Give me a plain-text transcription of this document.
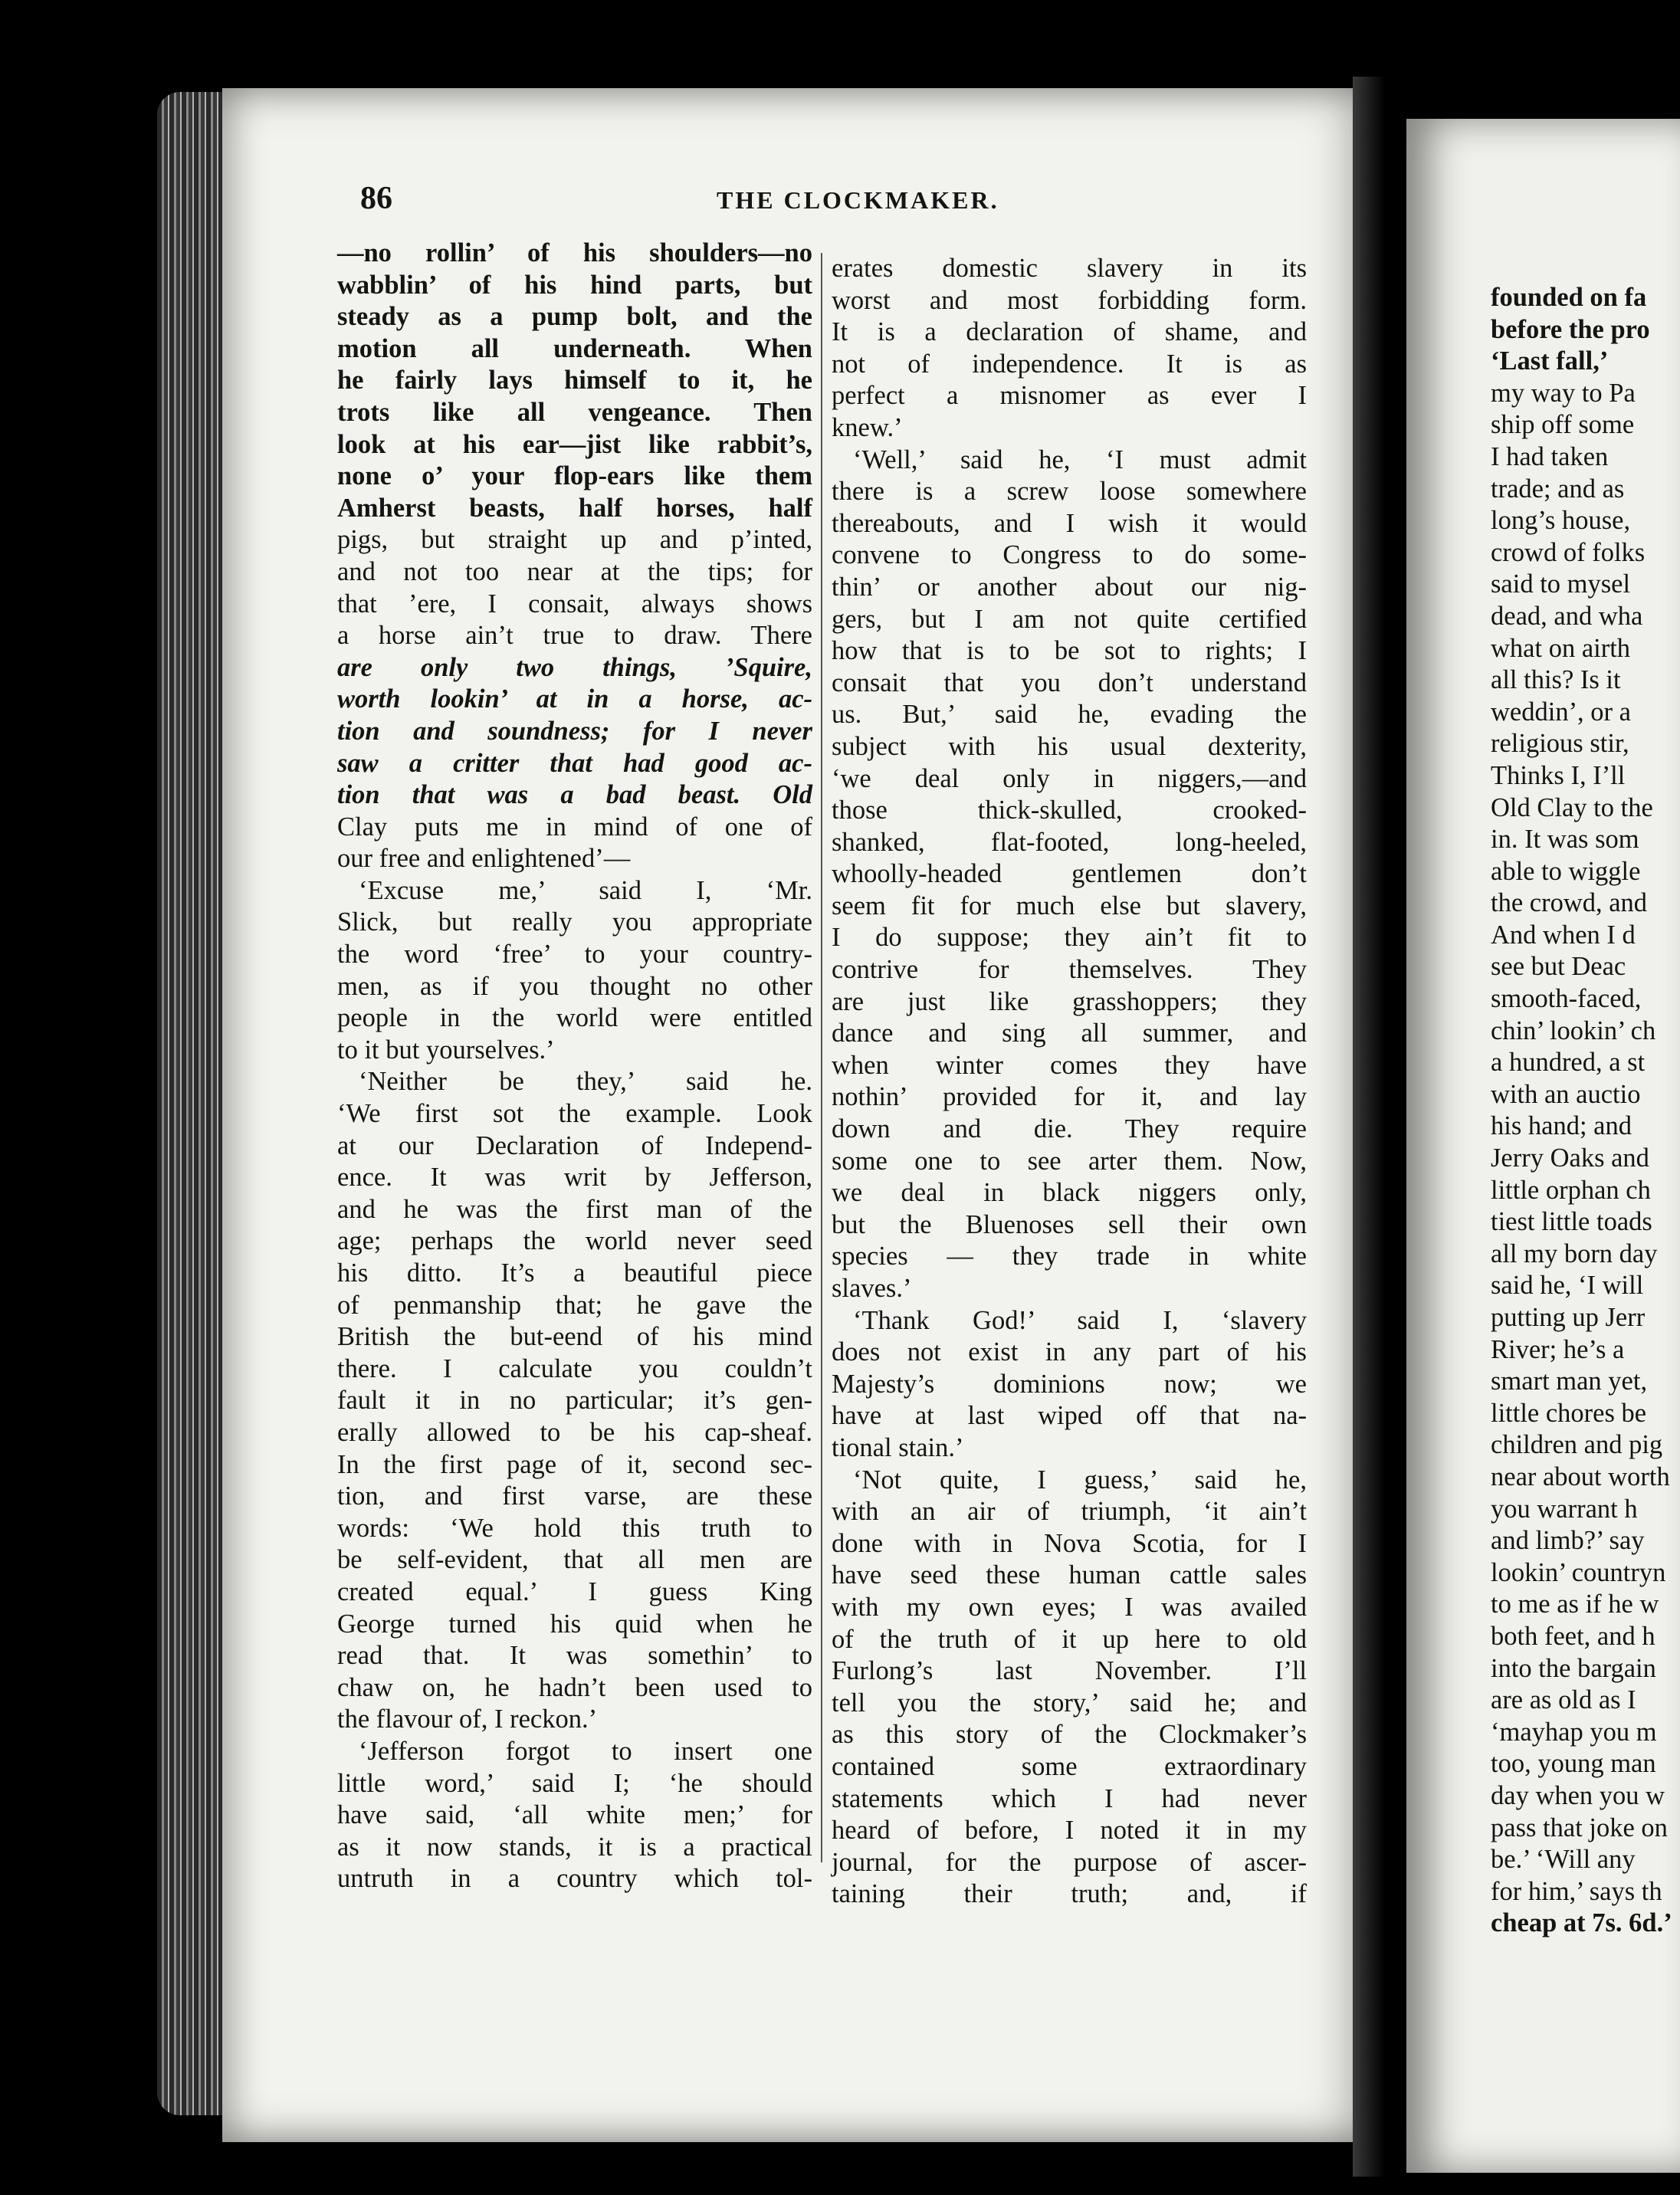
86	THE CLOCKMAKER.
—no rollin’ of his shoulders—no
wabblin’ of his hind parts, but
steady as a pump bolt, and the
motion all underneath. When
he fairly lays himself to it, he
trots like all vengeance. Then
look at his ear—jist like rabbit’s,
none o’ your flop-ears like them
Amherst beasts, half horses, half
pigs, but straight up and p’inted,
and not too near at the tips; for
that ’ere, I consait, always shows
a horse ain’t true to draw. There
are only two things, ’Squire,
worth lookin’ at in a horse, ac-
tion and soundness; for I never
saw a critter that had good ac-
tion that was a bad beast. Old
Clay puts me in mind of one of
our free and enlightened’—
‘Excuse me,’ said I, ‘Mr.
Slick, but really you appropriate
the word ‘free’ to your country-
men, as if you thought no other
people in the world were entitled
to it but yourselves.’
‘Neither be they,’ said he.
‘We first sot the example. Look
at our Declaration of Independ-
ence. It was writ by Jefferson,
and he was the first man of the
age; perhaps the world never seed
his ditto. It’s a beautiful piece
of penmanship that; he gave the
British the but-eend of his mind
there. I calculate you couldn’t
fault it in no particular; it’s gen-
erally allowed to be his cap-sheaf.
In the first page of it, second sec-
tion, and first varse, are these
words: ‘We hold this truth to
be self-evident, that all men are
created equal.’ I guess King
George turned his quid when he
read that. It was somethin’ to
chaw on, he hadn’t been used to
the flavour of, I reckon.’
‘Jefferson forgot to insert one
little word,’ said I; ‘he should
have said, ‘all white men;’ for
as it now stands, it is a practical
untruth in a country which tol-
erates domestic slavery in its
worst and most forbidding form.
It is a declaration of shame, and
not of independence. It is as
perfect a misnomer as ever I
knew.’
‘Well,’ said he, ‘I must admit
there is a screw loose somewhere
thereabouts, and I wish it would
convene to Congress to do some-
thin’ or another about our nig-
gers, but I am not quite certified
how that is to be sot to rights; I
consait that you don’t understand
us. But,’ said he, evading the
subject with his usual dexterity,
‘we deal only in niggers,—and
those thick-skulled, crooked-
shanked, flat-footed, long-heeled,
whoolly-headed gentlemen don’t
seem fit for much else but slavery,
I do suppose; they ain’t fit to
contrive for themselves. They
are just like grasshoppers; they
dance and sing all summer, and
when winter comes they have
nothin’ provided for it, and lay
down and die. They require
some one to see arter them. Now,
we deal in black niggers only,
but the Bluenoses sell their own
species — they trade in white
slaves.’
‘Thank God!’ said I, ‘slavery
does not exist in any part of his
Majesty’s dominions now; we
have at last wiped off that na-
tional stain.’
‘Not quite, I guess,’ said he,
with an air of triumph, ‘it ain’t
done with in Nova Scotia, for I
have seed these human cattle sales
with my own eyes; I was availed
of the truth of it up here to old
Furlong’s last November. I’ll
tell you the story,’ said he; and
as this story of the Clockmaker’s
contained some extraordinary
statements which I had never
heard of before, I noted it in my
journal, for the purpose of ascer-
taining their truth; and, if
founded on fa
before the pro
‘Last fall,’
my way to Pa
ship off some
I had taken
trade; and as
long’s house,
crowd of folks
said to mysel
dead, and wha
what on airth
all this? Is it
weddin’, or a
religious stir,
Thinks I, I’ll
Old Clay to the
in. It was som
able to wiggle
the crowd, and
And when I d
see but Deac
smooth-faced,
chin’ lookin’ ch
a hundred, a st
with an auctio
his hand; and
Jerry Oaks and
little orphan ch
tiest little toads
all my born day
said he, ‘I will
putting up Jerr
River; he’s a
smart man yet,
little chores be
children and pig
near about worth
you warrant h
and limb?’ say
lookin’ countryn
to me as if he w
both feet, and h
into the bargain
are as old as I
‘mayhap you m
too, young man
day when you w
pass that joke on
be.’ ‘Will any
for him,’ says th
cheap at 7s. 6d.’
